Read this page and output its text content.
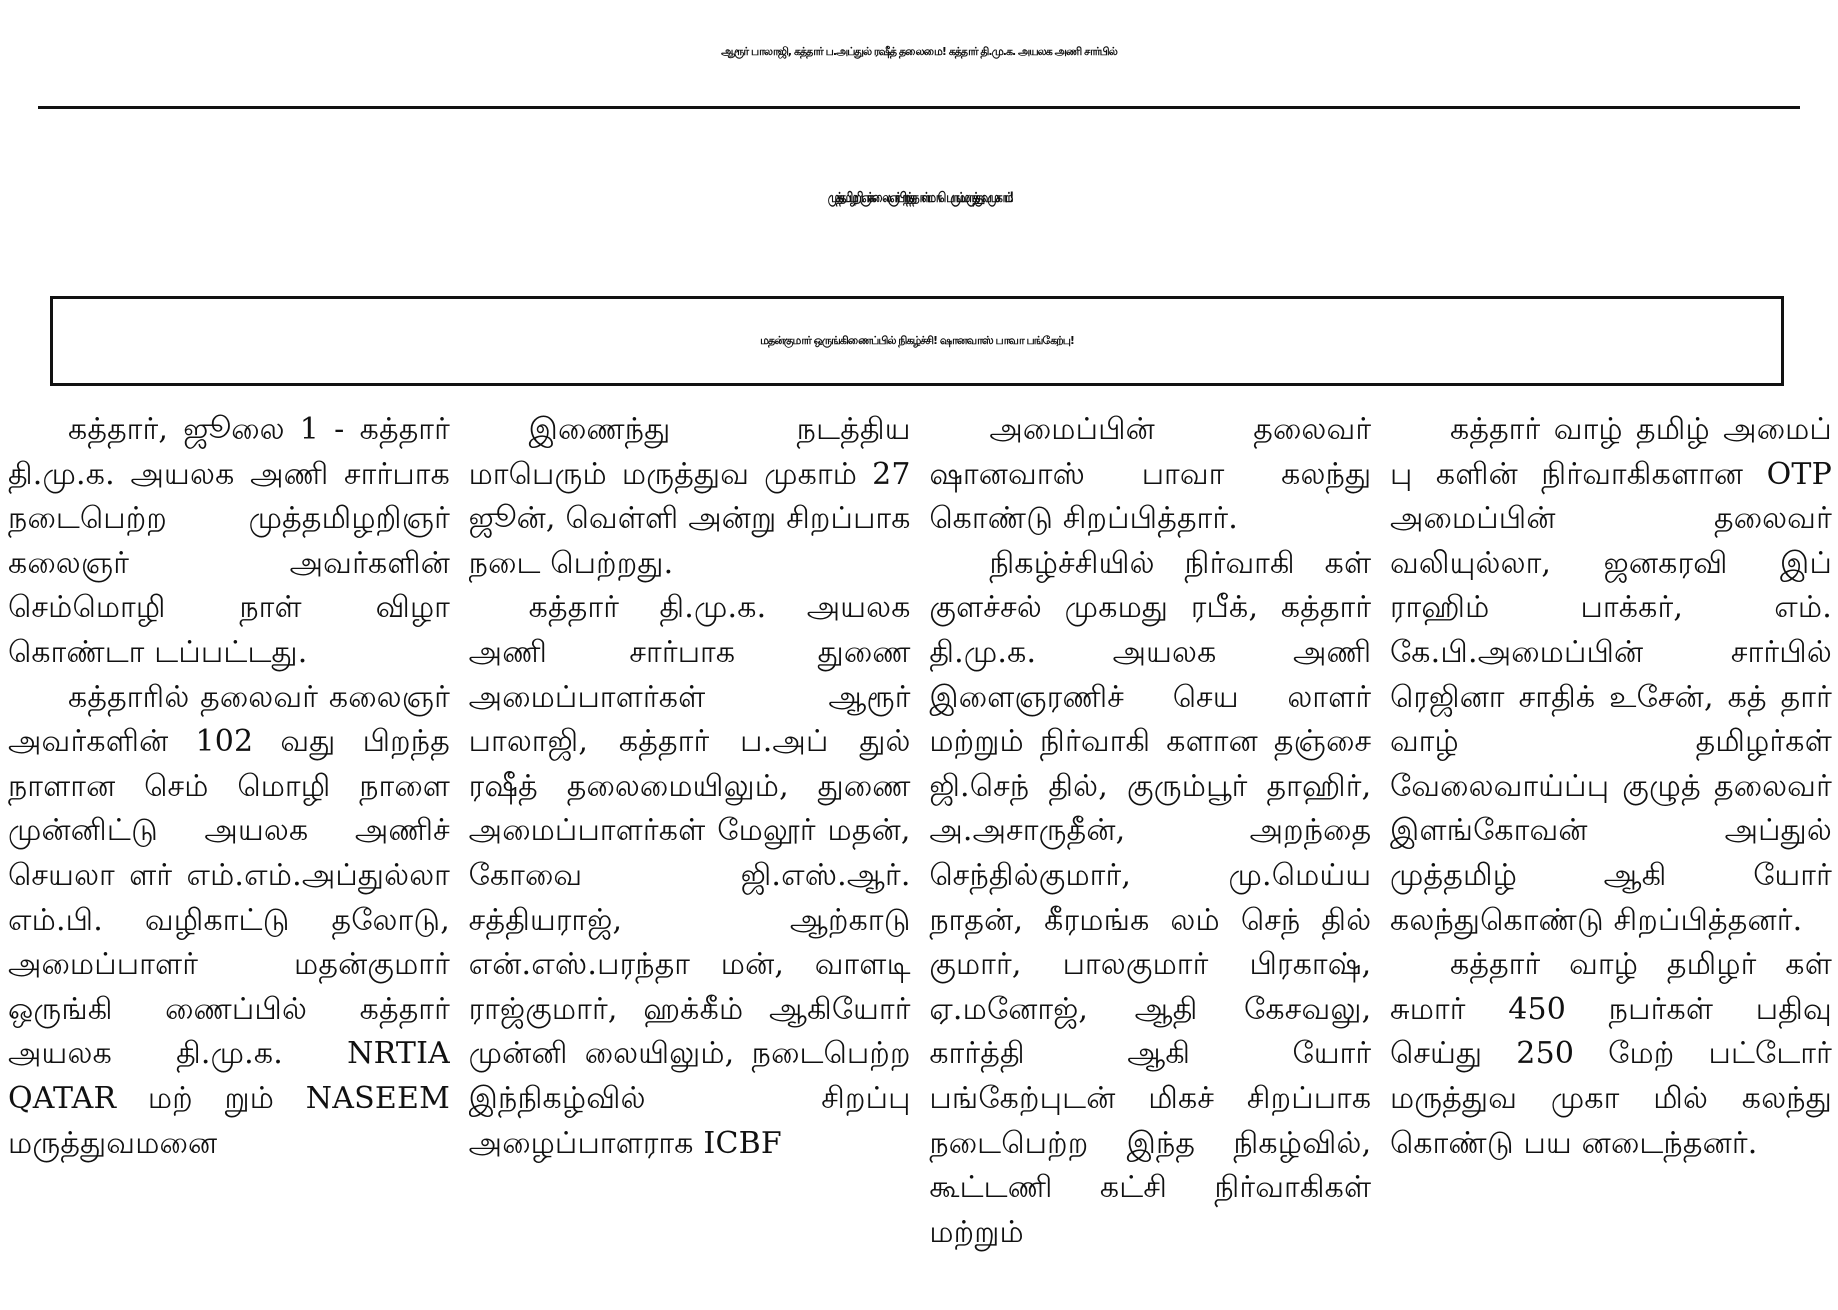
ஆரூர் பாலாஜி, கத்தார் ப.அப்துல் ரஷீத் தலைமை! கத்தார் தி.மு.க. அயலக அணி சார்பில்
முத்தமிழறிஞர் கலைஞர் பிறந்தநாள் மாபெரும் மருத்துவ முகாம்!
மதன்குமார் ஒருங்கிணைப்பில் நிகழ்ச்சி! ஷானவாஸ் பாவா பங்கேற்பு!

கத்தார், ஜூலை 1 - கத்தார் தி.மு.க. அயலக அணி சார்பாக நடைபெற்ற முத்தமிழறிஞர் கலைஞர் அவர்களின் செம்மொழி நாள் விழா கொண்டா டப்பட்டது.

கத்தாரில் தலைவர் கலைஞர் அவர்களின் 102 வது பிறந்த நாளான செம் மொழி நாளை முன்னிட்டு அயலக அணிச் செயலா ளர் எம்.எம்.அப்துல்லா எம்.பி. வழிகாட்டு தலோடு, அமைப்பாளர் மதன்குமார் ஒருங்கி ணைப்பில் கத்தார் அயலக தி.மு.க. NRTIA QATAR மற் றும் NASEEM மருத்துவமனை

இணைந்து நடத்திய மாபெரும் மருத்துவ முகாம் 27 ஜூன், வெள்ளி அன்று சிறப்பாக நடை பெற்றது.

கத்தார் தி.மு.க. அயலக அணி சார்பாக துணை அமைப்பாளர்கள் ஆரூர் பாலாஜி, கத்தார் ப.அப் துல் ரஷீத் தலைமையிலும், துணை அமைப்பாளர்கள் மேலூர் மதன், கோவை ஜி.எஸ்.ஆர். சத்தியராஜ், ஆற்காடு என்.எஸ்.பரந்தா மன், வாளடி ராஜ்குமார், ஹக்கீம் ஆகியோர் முன்னி லையிலும், நடைபெற்ற இந்நிகழ்வில் சிறப்பு அழைப்பாளராக ICBF

அமைப்பின் தலைவர் ஷானவாஸ் பாவா கலந்து கொண்டு சிறப்பித்தார்.

நிகழ்ச்சியில் நிர்வாகி கள் குளச்சல் முகமது ரபீக், கத்தார் தி.மு.க. அயலக அணி இளைஞரணிச் செய லாளர் மற்றும் நிர்வாகி களான தஞ்சை ஜி.செந் தில், குரும்பூர் தாஹிர், அ.அசாருதீன், அறந்தை செந்தில்குமார், மு.மெய்ய நாதன், கீரமங்க லம் செந் தில் குமார், பாலகுமார் பிரகாஷ், ஏ.மனோஜ், ஆதி கேசவலு, கார்த்தி ஆகி யோர் பங்கேற்புடன் மிகச் சிறப்பாக நடைபெற்ற இந்த நிகழ்வில், கூட்டணி கட்சி நிர்வாகிகள் மற்றும்

கத்தார் வாழ் தமிழ் அமைப் பு களின் நிர்வாகிகளான OTP அமைப்பின் தலைவர் வலியுல்லா, ஜனகரவி இப் ராஹிம் பாக்கர், எம். கே.பி.அமைப்பின் சார்பில் ரெஜினா சாதிக் உசேன், கத் தார் வாழ் தமிழர்கள் வேலைவாய்ப்பு குழுத் தலைவர் இளங்கோவன் அப்துல் முத்தமிழ் ஆகி யோர் கலந்துகொண்டு சிறப்பித்தனர்.

கத்தார் வாழ் தமிழர் கள் சுமார் 450 நபர்கள் பதிவு செய்து 250 மேற் பட்டோர் மருத்துவ முகா மில் கலந்து கொண்டு பய னடைந்தனர்.
